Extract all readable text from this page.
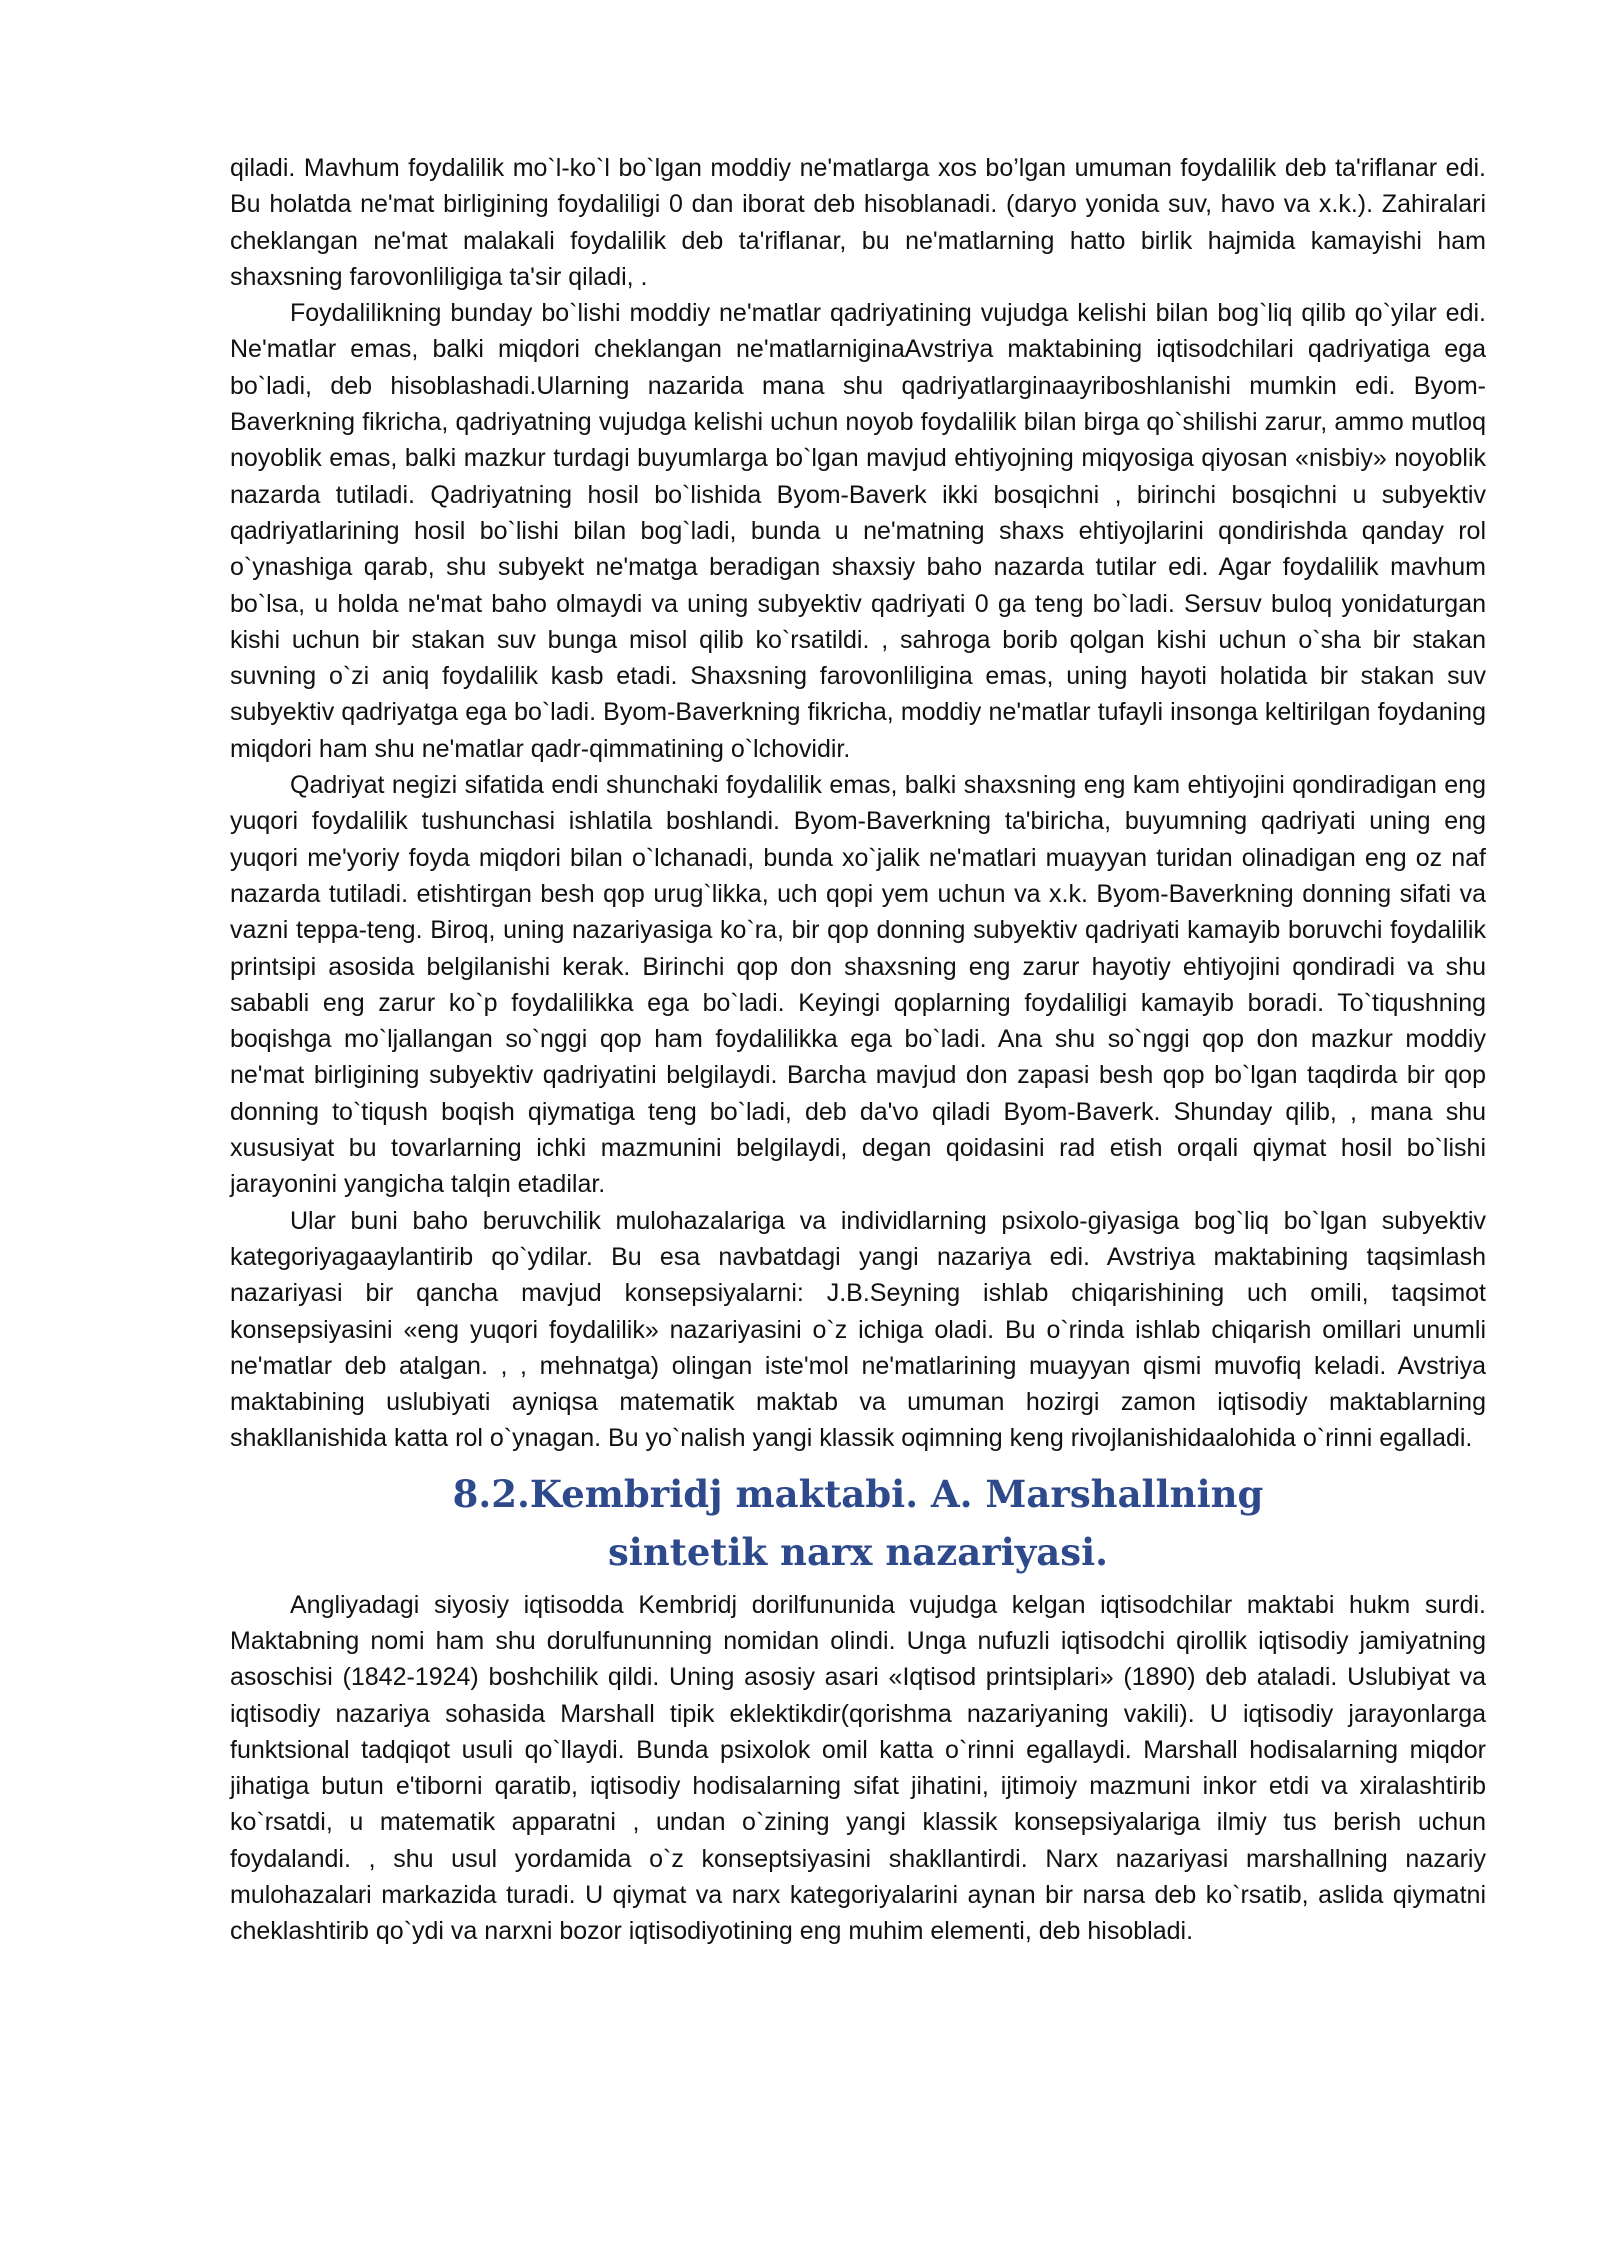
qiladi. Mavhum foydalilik mo`l-ko`l bo`lgan moddiy ne'matlarga xos bo’lgan umuman foydalilik deb ta'riflanar edi. Bu holatda ne'mat birligining foydaliligi 0 dan iborat deb hisoblanadi. (daryo yonida suv, havo va x.k.). Zahiralari cheklangan ne'mat malakali foydalilik deb ta'riflanar, bu ne'matlarning hatto birlik hajmida kamayishi ham shaxsning farovonliligiga ta'sir qiladi, .

Foydalilikning bunday bo`lishi moddiy ne'matlar qadriyatining vujudga kelishi bilan bog`liq qilib qo`yilar edi. Ne'matlar emas, balki miqdori cheklangan ne'matlarniginaAvstriya maktabining iqtisodchilari qadriyatiga ega bo`ladi, deb hisoblashadi.Ularning nazarida mana shu qadriyatlarginaayriboshlanishi mumkin edi. Byom-Baverkning fikricha, qadriyatning vujudga kelishi uchun noyob foydalilik bilan birga qo`shilishi zarur, ammo mutloq noyoblik emas, balki mazkur turdagi buyumlarga bo`lgan mavjud ehtiyojning miqyosiga qiyosan «nisbiy» noyoblik nazarda tutiladi. Qadriyatning hosil bo`lishida Byom-Baverk ikki bosqichni , birinchi bosqichni u subyektiv qadriyatlarining hosil bo`lishi bilan bog`ladi, bunda u ne'matning shaxs ehtiyojlarini qondirishda qanday rol o`ynashiga qarab, shu subyekt ne'matga beradigan shaxsiy baho nazarda tutilar edi. Agar foydalilik mavhum bo`lsa, u holda ne'mat baho olmaydi va uning subyektiv qadriyati 0 ga teng bo`ladi. Sersuv buloq yonidaturgan kishi uchun bir stakan suv bunga misol qilib ko`rsatildi. , sahroga borib qolgan kishi uchun o`sha bir stakan suvning o`zi aniq foydalilik kasb etadi. Shaxsning farovonliligina emas, uning hayoti holatida bir stakan suv subyektiv qadriyatga ega bo`ladi. Byom-Baverkning fikricha, moddiy ne'matlar tufayli insonga keltirilgan foydaning miqdori ham shu ne'matlar qadr-qimmatining o`lchovidir.

Qadriyat negizi sifatida endi shunchaki foydalilik emas, balki shaxsning eng kam ehtiyojini qondiradigan eng yuqori foydalilik tushunchasi ishlatila boshlandi. Byom-Baverkning ta'biricha, buyumning qadriyati uning eng yuqori me'yoriy foyda miqdori bilan o`lchanadi, bunda xo`jalik ne'matlari muayyan turidan olinadigan eng oz naf nazarda tutiladi. etishtirgan besh qop urug`likka, uch qopi yem uchun va x.k. Byom-Baverkning donning sifati va vazni teppa-teng. Biroq, uning nazariyasiga ko`ra, bir qop donning subyektiv qadriyati kamayib boruvchi foydalilik printsipi asosida belgilanishi kerak. Birinchi qop don shaxsning eng zarur hayotiy ehtiyojini qondiradi va shu sababli eng zarur ko`p foydalilikka ega bo`ladi. Keyingi qoplarning foydaliligi kamayib boradi. To`tiqushning boqishga mo`ljallangan so`nggi qop ham foydalilikka ega bo`ladi. Ana shu so`nggi qop don mazkur moddiy ne'mat birligining subyektiv qadriyatini belgilaydi. Barcha mavjud don zapasi besh qop bo`lgan taqdirda bir qop donning to`tiqush boqish qiymatiga teng bo`ladi, deb da'vo qiladi Byom-Baverk. Shunday qilib, , mana shu xususiyat bu tovarlarning ichki mazmunini belgilaydi, degan qoidasini rad etish orqali qiymat hosil bo`lishi jarayonini yangicha talqin etadilar.

Ular buni baho beruvchilik mulohazalariga va individlarning psixolo-giyasiga bog`liq bo`lgan subyektiv kategoriyagaaylantirib qo`ydilar. Bu esa navbatdagi yangi nazariya edi. Avstriya maktabining taqsimlash nazariyasi bir qancha mavjud konsepsiyalarni: J.B.Seyning ishlab chiqarishining uch omili, taqsimot konsepsiyasini «eng yuqori foydalilik» nazariyasini o`z ichiga oladi. Bu o`rinda ishlab chiqarish omillari unumli ne'matlar deb atalgan. , , mehnatga) olingan iste'mol ne'matlarining muayyan qismi muvofiq keladi. Avstriya maktabining uslubiyati ayniqsa matematik maktab va umuman hozirgi zamon iqtisodiy maktablarning shakllanishida katta rol o`ynagan. Bu yo`nalish yangi klassik oqimning keng rivojlanishidaalohida o`rinni egalladi.

8.2.Kembridj maktabi. A. Marshallning sintetik narx nazariyasi.

Angliyadagi siyosiy iqtisodda Kembridj dorilfununida vujudga kelgan iqtisodchilar maktabi hukm surdi. Maktabning nomi ham shu dorulfununning nomidan olindi. Unga nufuzli iqtisodchi qirollik iqtisodiy jamiyatning asoschisi (1842-1924) boshchilik qildi. Uning asosiy asari «Iqtisod printsiplari» (1890) deb ataladi. Uslubiyat va iqtisodiy nazariya sohasida Marshall tipik eklektikdir(qorishma nazariyaning vakili). U iqtisodiy jarayonlarga funktsional tadqiqot usuli qo`llaydi. Bunda psixolok omil katta o`rinni egallaydi. Marshall hodisalarning miqdor jihatiga butun e'tiborni qaratib, iqtisodiy hodisalarning sifat jihatini, ijtimoiy mazmuni inkor etdi va xiralashtirib ko`rsatdi, u matematik apparatni , undan o`zining yangi klassik konsepsiyalariga ilmiy tus berish uchun foydalandi. , shu usul yordamida o`z konseptsiyasini shakllantirdi. Narx nazariyasi marshallning nazariy mulohazalari markazida turadi. U qiymat va narx kategoriyalarini aynan bir narsa deb ko`rsatib, aslida qiymatni cheklashtirib qo`ydi va narxni bozor iqtisodiyotining eng muhim elementi, deb hisobladi.
